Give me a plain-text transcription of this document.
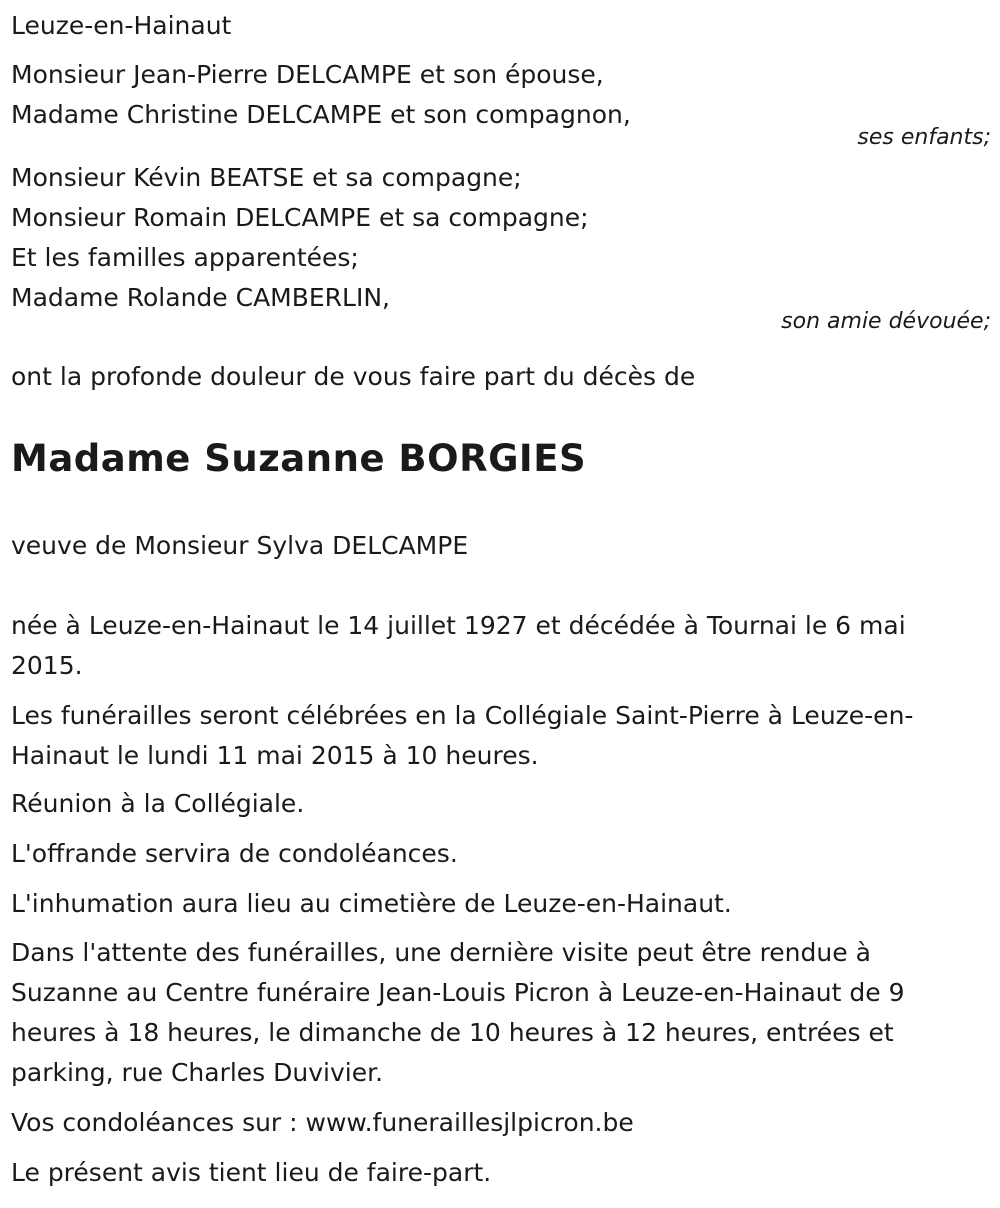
Leuze-en-Hainaut

Monsieur Jean-Pierre DELCAMPE et son épouse,

Madame Christine DELCAMPE et son compagnon,

ses enfants;

Monsieur Kévin BEATSE et sa compagne;

Monsieur Romain DELCAMPE et sa compagne;

Et les familles apparentées;

Madame Rolande CAMBERLIN,

son amie dévouée;

ont la profonde douleur de vous faire part du décès de

Madame Suzanne BORGIES

veuve de Monsieur Sylva DELCAMPE

née à Leuze-en-Hainaut le 14 juillet 1927 et décédée à Tournai le 6 mai 2015.

Les funérailles seront célébrées en la Collégiale Saint-Pierre à Leuze-en-Hainaut le lundi 11 mai 2015 à 10 heures.

Réunion à la Collégiale.

L'offrande servira de condoléances.

L'inhumation aura lieu au cimetière de Leuze-en-Hainaut.

Dans l'attente des funérailles, une dernière visite peut être rendue à Suzanne au Centre funéraire Jean-Louis Picron à Leuze-en-Hainaut de 9 heures à 18 heures, le dimanche de 10 heures à 12 heures, entrées et parking, rue Charles Duvivier.

Vos condoléances sur : www.funeraillesjlpicron.be

Le présent avis tient lieu de faire-part.
